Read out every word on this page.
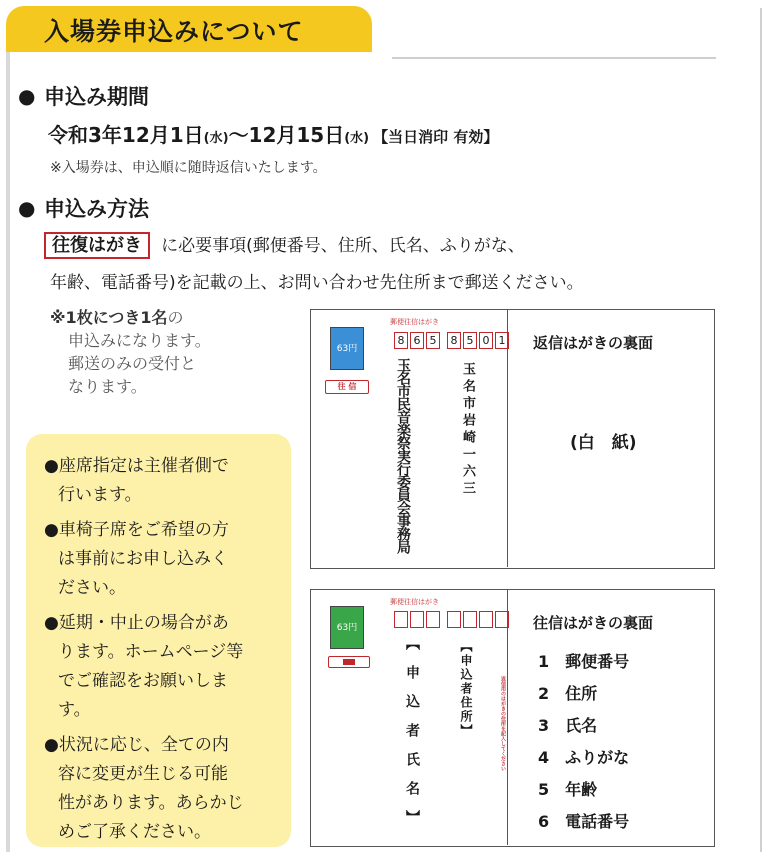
入場券申込みについて
● 申込み期間
令和3年12月1日(水)～12月15日(水) 【当日消印 有効】
※入場券は、申込順に随時返信いたします。
● 申込み方法
往復はがき に必要事項(郵便番号、住所、氏名、ふりがな、
年齢、電話番号)を記載の上、お問い合わせ先住所まで郵送ください。
※1枚につき1名の
申込みになります。
郵送のみの受付と
なります。
●座席指定は主催者側で
行います。
●車椅子席をご希望の方
は事前にお申し込みく
ださい。
●延期・中止の場合があ
ります。ホームページ等
でご確認をお願いしま
す。
●状況に応じ、全ての内
容に変更が生じる可能
性があります。あらかじ
めご了承ください。
63円
往 信
郵便往信はがき
8 6 5	8 5 0 1
玉名市民音楽祭実行委員会事務局	玉名市岩崎一六三
返信はがきの裏面
(白　紙)
63円
郵便往信はがき
【申込者氏名】	【申込者住所】	返信用のはがきの住所を記入してください
往信はがきの裏面
1　 郵便番号
2　 住所
3　 氏名
4　 ふりがな
5　 年齢
6　 電話番号
